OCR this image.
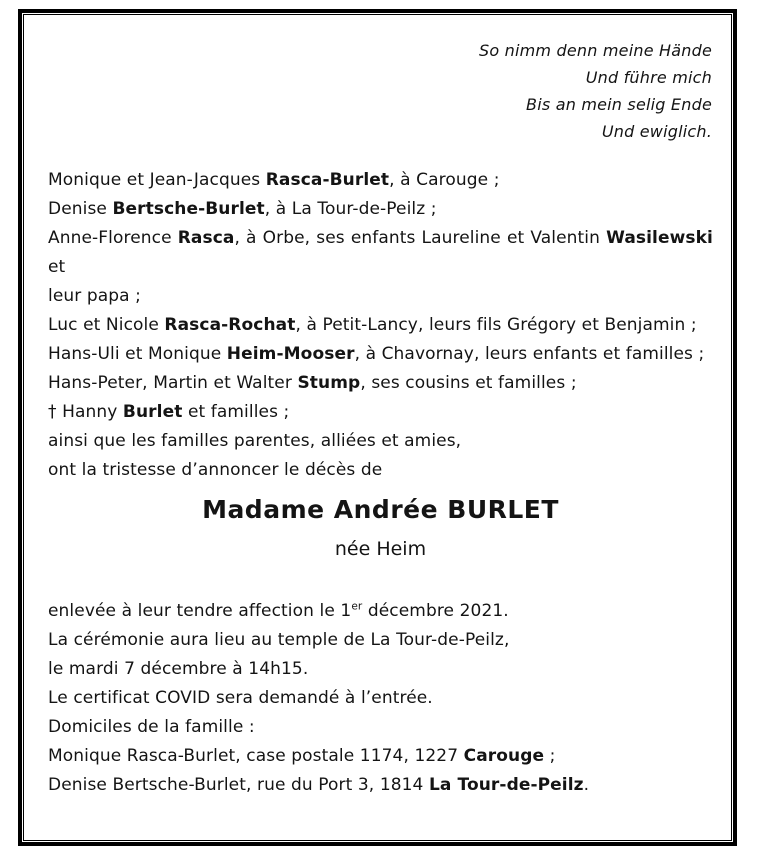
So nimm denn meine Hände

Und führe mich

Bis an mein selig Ende

Und ewiglich.

Monique et Jean-Jacques Rasca-Burlet, à Carouge ;

Denise Bertsche-Burlet, à La Tour-de-Peilz ;

Anne-Florence Rasca, à Orbe, ses enfants Laureline et Valentin Wasilewski et

leur papa ;

Luc et Nicole Rasca-Rochat, à Petit-Lancy, leurs fils Grégory et Benjamin ;

Hans-Uli et Monique Heim-Mooser, à Chavornay, leurs enfants et familles ;

Hans-Peter, Martin et Walter Stump, ses cousins et familles ;

† Hanny Burlet et familles ;

ainsi que les familles parentes, alliées et amies,

ont la tristesse d’annoncer le décès de

Madame Andrée BURLET
née Heim

enlevée à leur tendre affection le 1er décembre 2021.

La cérémonie aura lieu au temple de La Tour-de-Peilz,

le mardi 7 décembre à 14h15.

Le certificat COVID sera demandé à l’entrée.

Domiciles de la famille :

Monique Rasca-Burlet, case postale 1174, 1227 Carouge ;

Denise Bertsche-Burlet, rue du Port 3, 1814 La Tour-de-Peilz.
